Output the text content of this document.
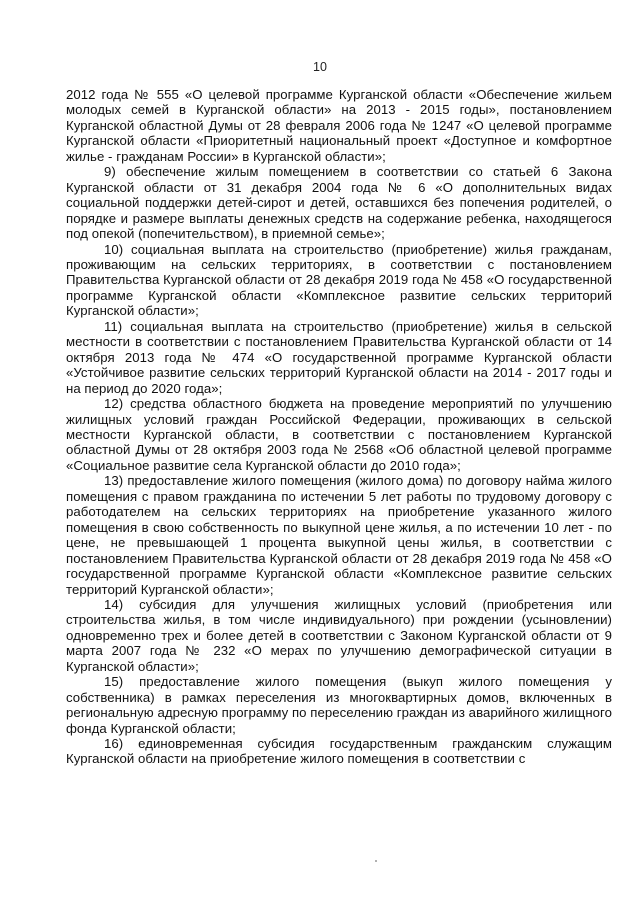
10

2012 года № 555 «О целевой программе Курганской области «Обеспечение жильем молодых семей в Курганской области» на 2013 - 2015 годы», постановлением Курганской областной Думы от 28 февраля 2006 года № 1247 «О целевой программе Курганской области «Приоритетный национальный проект «Доступное и комфортное жилье - гражданам России» в Курганской области»;

9) обеспечение жилым помещением в соответствии со статьей 6 Закона Курганской области от 31 декабря 2004 года № 6 «О дополнительных видах социальной поддержки детей-сирот и детей, оставшихся без попечения родителей, о порядке и размере выплаты денежных средств на содержание ребенка, находящегося под опекой (попечительством), в приемной семье»;

10) социальная выплата на строительство (приобретение) жилья гражданам, проживающим на сельских территориях, в соответствии с постановлением Правительства Курганской области от 28 декабря 2019 года № 458 «О государственной программе Курганской области «Комплексное развитие сельских территорий Курганской области»;

11) социальная выплата на строительство (приобретение) жилья в сельской местности в соответствии с постановлением Правительства Курганской области от 14 октября 2013 года № 474 «О государственной программе Курганской области «Устойчивое развитие сельских территорий Курганской области на 2014 - 2017 годы и на период до 2020 года»;

12) средства областного бюджета на проведение мероприятий по улучшению жилищных условий граждан Российской Федерации, проживающих в сельской местности Курганской области, в соответствии с постановлением Курганской областной Думы от 28 октября 2003 года № 2568 «Об областной целевой программе «Социальное развитие села Курганской области до 2010 года»;

13) предоставление жилого помещения (жилого дома) по договору найма жилого помещения с правом гражданина по истечении 5 лет работы по трудовому договору с работодателем на сельских территориях на приобретение указанного жилого помещения в свою собственность по выкупной цене жилья, а по истечении 10 лет - по цене, не превышающей 1 процента выкупной цены жилья, в соответствии с постановлением Правительства Курганской области от 28 декабря 2019 года № 458 «О государственной программе Курганской области «Комплексное развитие сельских территорий Курганской области»;

14) субсидия для улучшения жилищных условий (приобретения или строительства жилья, в том числе индивидуального) при рождении (усыновлении) одновременно трех и более детей в соответствии с Законом Курганской области от 9 марта 2007 года № 232 «О мерах по улучшению демографической ситуации в Курганской области»;

15) предоставление жилого помещения (выкуп жилого помещения у собственника) в рамках переселения из многоквартирных домов, включенных в региональную адресную программу по переселению граждан из аварийного жилищного фонда Курганской области;

16) единовременная субсидия государственным гражданским служащим Курганской области на приобретение жилого помещения в соответствии с
